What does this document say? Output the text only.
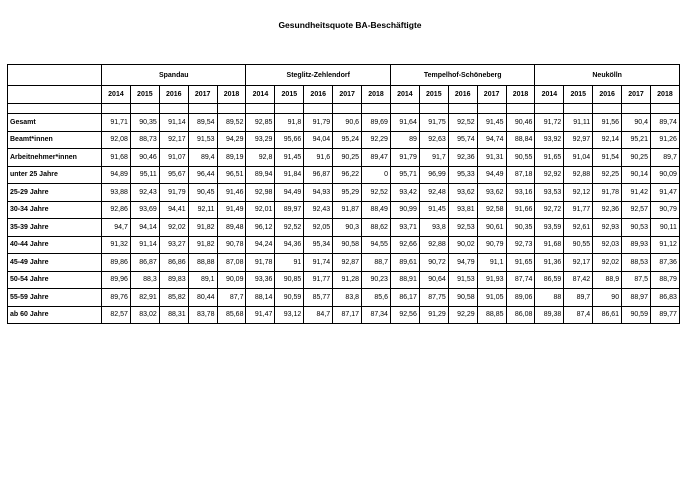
Gesundheitsquote BA-Beschäftigte
	Spandau					Steglitz-Zehlendorf					Tempelhof-Schöneberg					Neukölln				
	2014	2015	2016	2017	2018	2014	2015	2016	2017	2018	2014	2015	2016	2017	2018	2014	2015	2016	2017	2018

Gesamt	91,71	90,35	91,14	89,54	89,52	92,85	91,8	91,79	90,6	89,69	91,64	91,75	92,52	91,45	90,46	91,72	91,11	91,56	90,4	89,74
Beamt*innen	92,08	88,73	92,17	91,53	94,29	93,29	95,66	94,04	95,24	92,29	89	92,63	95,74	94,74	88,84	93,92	92,97	92,14	95,21	91,26
Arbeitnehmer*innen	91,68	90,46	91,07	89,4	89,19	92,8	91,45	91,6	90,25	89,47	91,79	91,7	92,36	91,31	90,55	91,65	91,04	91,54	90,25	89,7
unter 25 Jahre	94,89	95,11	95,67	96,44	96,51	89,94	91,84	96,87	96,22	0	95,71	96,99	95,33	94,49	87,18	92,92	92,88	92,25	90,14	90,09
25-29 Jahre	93,88	92,43	91,79	90,45	91,46	92,98	94,49	94,93	95,29	92,52	93,42	92,48	93,62	93,62	93,16	93,53	92,12	91,78	91,42	91,47
30-34 Jahre	92,86	93,69	94,41	92,11	91,49	92,01	89,97	92,43	91,87	88,49	90,99	91,45	93,81	92,58	91,66	92,72	91,77	92,36	92,57	90,79
35-39 Jahre	94,7	94,14	92,02	91,82	89,48	96,12	92,52	92,05	90,3	88,62	93,71	93,8	92,53	90,61	90,35	93,59	92,61	92,93	90,53	90,11
40-44 Jahre	91,32	91,14	93,27	91,82	90,78	94,24	94,36	95,34	90,58	94,55	92,66	92,88	90,02	90,79	92,73	91,68	90,55	92,03	89,93	91,12
45-49 Jahre	89,86	86,87	86,86	88,88	87,08	91,78	91	91,74	92,87	88,7	89,61	90,72	94,79	91,1	91,65	91,36	92,17	92,02	88,53	87,36
50-54 Jahre	89,96	88,3	89,83	89,1	90,09	93,36	90,85	91,77	91,28	90,23	88,91	90,64	91,53	91,93	87,74	86,59	87,42	88,9	87,5	88,79
55-59 Jahre	89,76	82,91	85,82	80,44	87,7	88,14	90,59	85,77	83,8	85,6	86,17	87,75	90,58	91,05	89,06	88	89,7	90	88,97	86,83
ab 60 Jahre	82,57	83,02	88,31	83,78	85,68	91,47	93,12	84,7	87,17	87,34	92,56	91,29	92,29	88,85	86,08	89,38	87,4	86,61	90,59	89,77
